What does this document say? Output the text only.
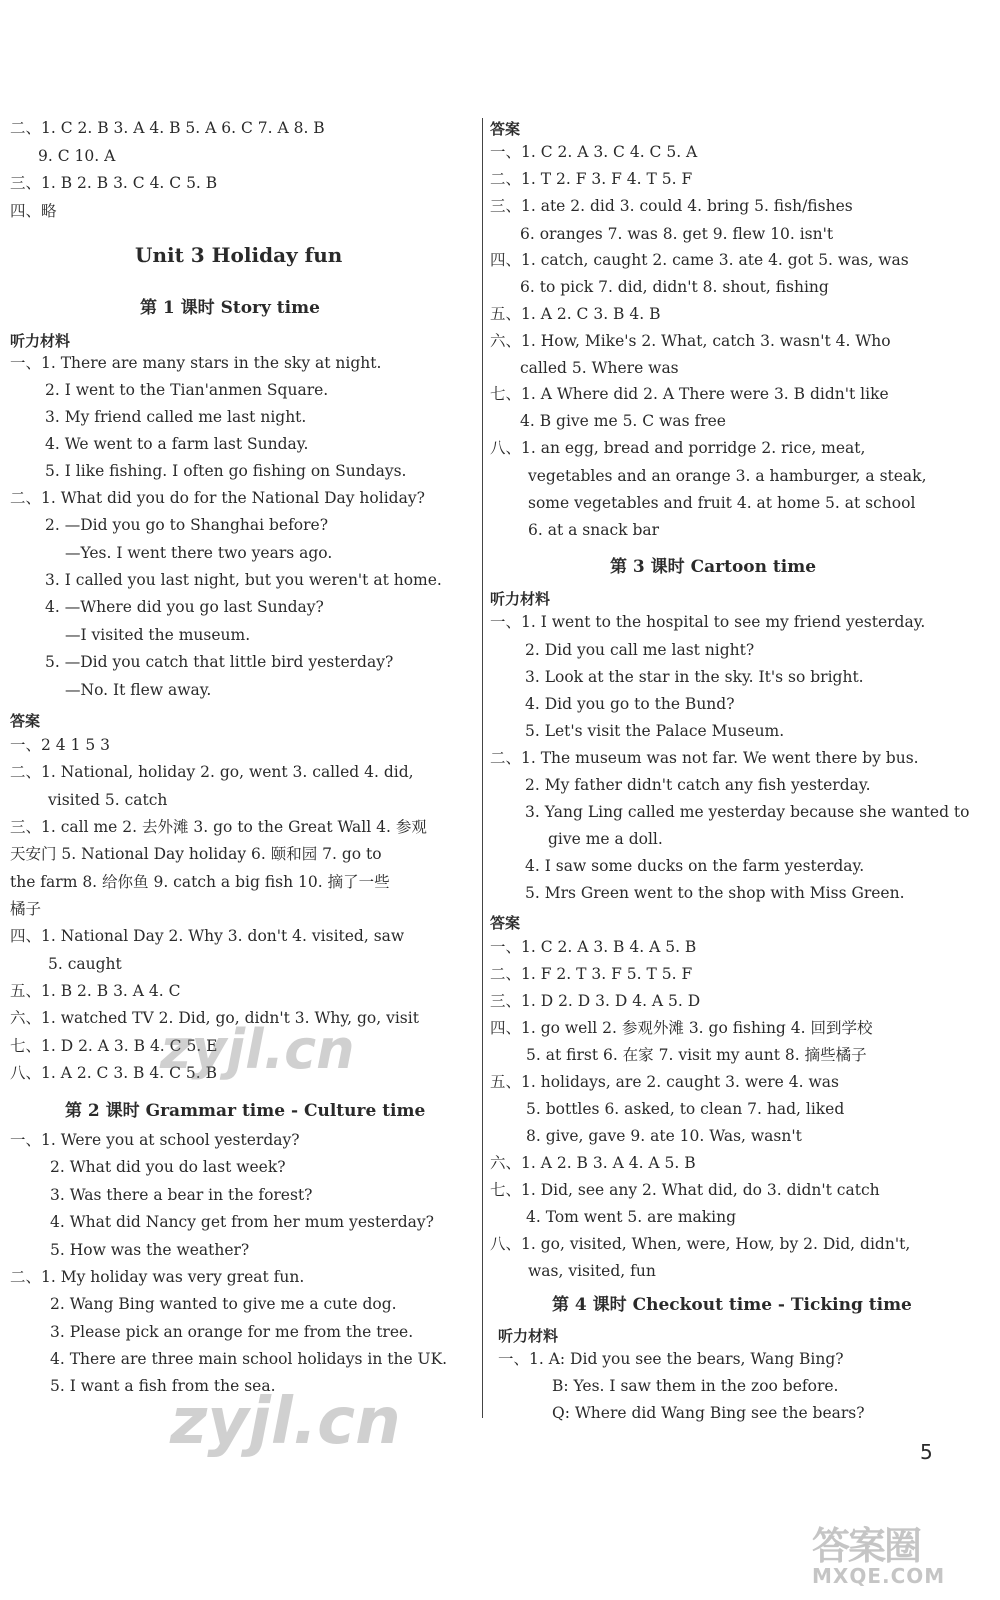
二、1. C 2. B 3. A 4. B 5. A 6. C 7. A 8. B
9. C 10. A
三、1. B 2. B 3. C 4. C 5. B
四、略
Unit 3 Holiday fun
第 1 课时 Story time
听力材料
一、1. There are many stars in the sky at night.
2. I went to the Tian'anmen Square.
3. My friend called me last night.
4. We went to a farm last Sunday.
5. I like fishing. I often go fishing on Sundays.
二、1. What did you do for the National Day holiday?
2. —Did you go to Shanghai before?
—Yes. I went there two years ago.
3. I called you last night, but you weren't at home.
4. —Where did you go last Sunday?
—I visited the museum.
5. —Did you catch that little bird yesterday?
—No. It flew away.
答案
一、2 4 1 5 3
二、1. National, holiday 2. go, went 3. called 4. did,
visited 5. catch
三、1. call me 2. 去外滩 3. go to the Great Wall 4. 参观
天安门 5. National Day holiday 6. 颐和园 7. go to
the farm 8. 给你鱼 9. catch a big fish 10. 摘了一些
橘子
四、1. National Day 2. Why 3. don't 4. visited, saw
5. caught
五、1. B 2. B 3. A 4. C
六、1. watched TV 2. Did, go, didn't 3. Why, go, visit
七、1. D 2. A 3. B 4. C 5. E
八、1. A 2. C 3. B 4. C 5. B
第 2 课时 Grammar time - Culture time
一、1. Were you at school yesterday?
2. What did you do last week?
3. Was there a bear in the forest?
4. What did Nancy get from her mum yesterday?
5. How was the weather?
二、1. My holiday was very great fun.
2. Wang Bing wanted to give me a cute dog.
3. Please pick an orange for me from the tree.
4. There are three main school holidays in the UK.
5. I want a fish from the sea.
答案
一、1. C 2. A 3. C 4. C 5. A
二、1. T 2. F 3. F 4. T 5. F
三、1. ate 2. did 3. could 4. bring 5. fish/fishes
6. oranges 7. was 8. get 9. flew 10. isn't
四、1. catch, caught 2. came 3. ate 4. got 5. was, was
6. to pick 7. did, didn't 8. shout, fishing
五、1. A 2. C 3. B 4. B
六、1. How, Mike's 2. What, catch 3. wasn't 4. Who
called 5. Where was
七、1. A Where did 2. A There were 3. B didn't like
4. B give me 5. C was free
八、1. an egg, bread and porridge 2. rice, meat,
vegetables and an orange 3. a hamburger, a steak,
some vegetables and fruit 4. at home 5. at school
6. at a snack bar
第 3 课时 Cartoon time
听力材料
一、1. I went to the hospital to see my friend yesterday.
2. Did you call me last night?
3. Look at the star in the sky. It's so bright.
4. Did you go to the Bund?
5. Let's visit the Palace Museum.
二、1. The museum was not far. We went there by bus.
2. My father didn't catch any fish yesterday.
3. Yang Ling called me yesterday because she wanted to
give me a doll.
4. I saw some ducks on the farm yesterday.
5. Mrs Green went to the shop with Miss Green.
答案
一、1. C 2. A 3. B 4. A 5. B
二、1. F 2. T 3. F 5. T 5. F
三、1. D 2. D 3. D 4. A 5. D
四、1. go well 2. 参观外滩 3. go fishing 4. 回到学校
5. at first 6. 在家 7. visit my aunt 8. 摘些橘子
五、1. holidays, are 2. caught 3. were 4. was
5. bottles 6. asked, to clean 7. had, liked
8. give, gave 9. ate 10. Was, wasn't
六、1. A 2. B 3. A 4. A 5. B
七、1. Did, see any 2. What did, do 3. didn't catch
4. Tom went 5. are making
八、1. go, visited, When, were, How, by 2. Did, didn't,
was, visited, fun
第 4 课时 Checkout time - Ticking time
听力材料
一、1. A: Did you see the bears, Wang Bing?
B: Yes. I saw them in the zoo before.
Q: Where did Wang Bing see the bears?
5
zyjl.cn
zyjl.cn
答案圈
MXQE.COM
